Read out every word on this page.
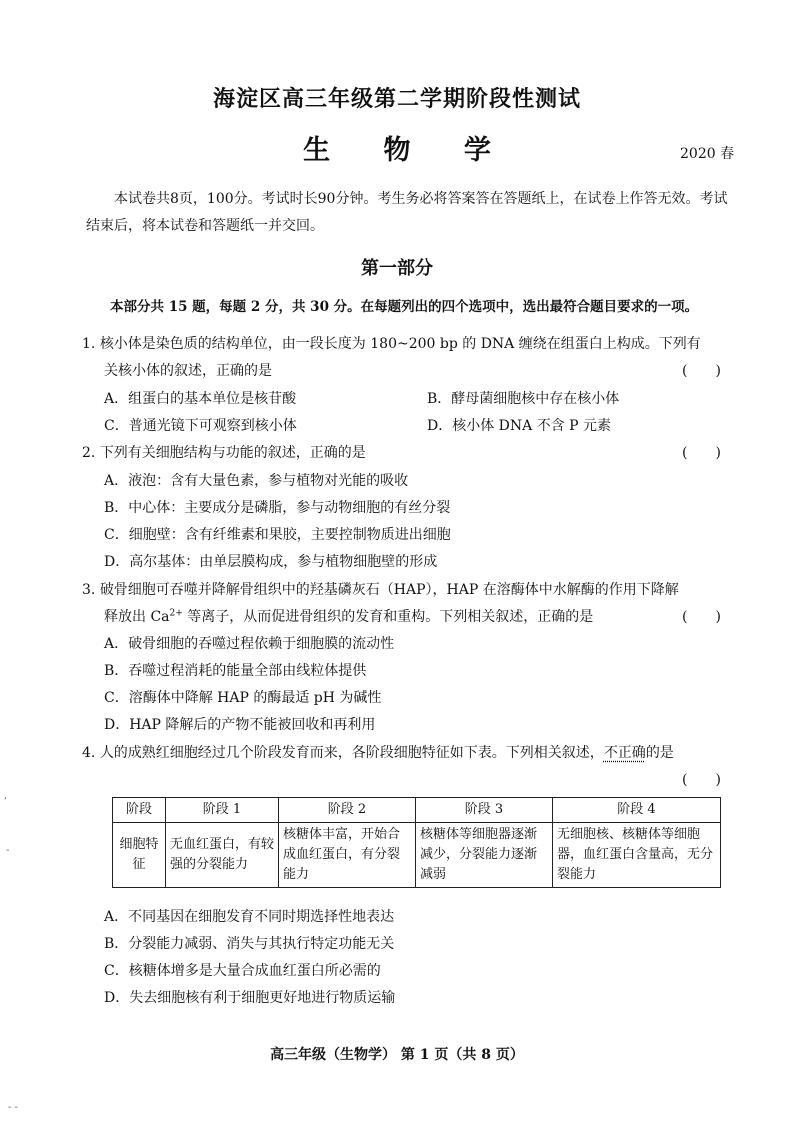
海淀区高三年级第二学期阶段性测试
生 物 学	2020 春
本试卷共8页，100分。考试时长90分钟。考生务必将答案答在答题纸上，在试卷上作答无效。考试结束后，将本试卷和答题纸一并交回。
第一部分
本部分共 15 题，每题 2 分，共 30 分。在每题列出的四个选项中，选出最符合题目要求的一项。
1. 核小体是染色质的结构单位，由一段长度为 180~200 bp 的 DNA 缠绕在组蛋白上构成。下列有
关核小体的叙述，正确的是	(　　)
A．组蛋白的基本单位是核苷酸	B．酵母菌细胞核中存在核小体
C．普通光镜下可观察到核小体	D．核小体 DNA 不含 P 元素
2. 下列有关细胞结构与功能的叙述，正确的是	(　　)
A．液泡：含有大量色素，参与植物对光能的吸收
B．中心体：主要成分是磷脂，参与动物细胞的有丝分裂
C．细胞壁：含有纤维素和果胶，主要控制物质进出细胞
D．高尔基体：由单层膜构成，参与植物细胞壁的形成
3. 破骨细胞可吞噬并降解骨组织中的羟基磷灰石（HAP），HAP 在溶酶体中水解酶的作用下降解
释放出 $Ca^{2+}$ 等离子，从而促进骨组织的发育和重构。下列相关叙述，正确的是	(　　)
A．破骨细胞的吞噬过程依赖于细胞膜的流动性
B．吞噬过程消耗的能量全部由线粒体提供
C．溶酶体中降解 HAP 的酶最适 pH 为碱性
D．HAP 降解后的产物不能被回收和再利用
4. 人的成熟红细胞经过几个阶段发育而来，各阶段细胞特征如下表。下列相关叙述，不正确的是
(　　)
阶段	阶段 1	阶段 2	阶段 3	阶段 4
细胞特征	无血红蛋白，有较强的分裂能力	核糖体丰富，开始合成血红蛋白，有分裂能力	核糖体等细胞器逐渐减少，分裂能力逐渐减弱	无细胞核、核糖体等细胞器，血红蛋白含量高，无分裂能力
A．不同基因在细胞发育不同时期选择性地表达
B．分裂能力减弱、消失与其执行特定功能无关
C．核糖体增多是大量合成血红蛋白所必需的
D．失去细胞核有利于细胞更好地进行物质运输
高三年级（生物学） 第 1 页（共 8 页）
,
-
- -
